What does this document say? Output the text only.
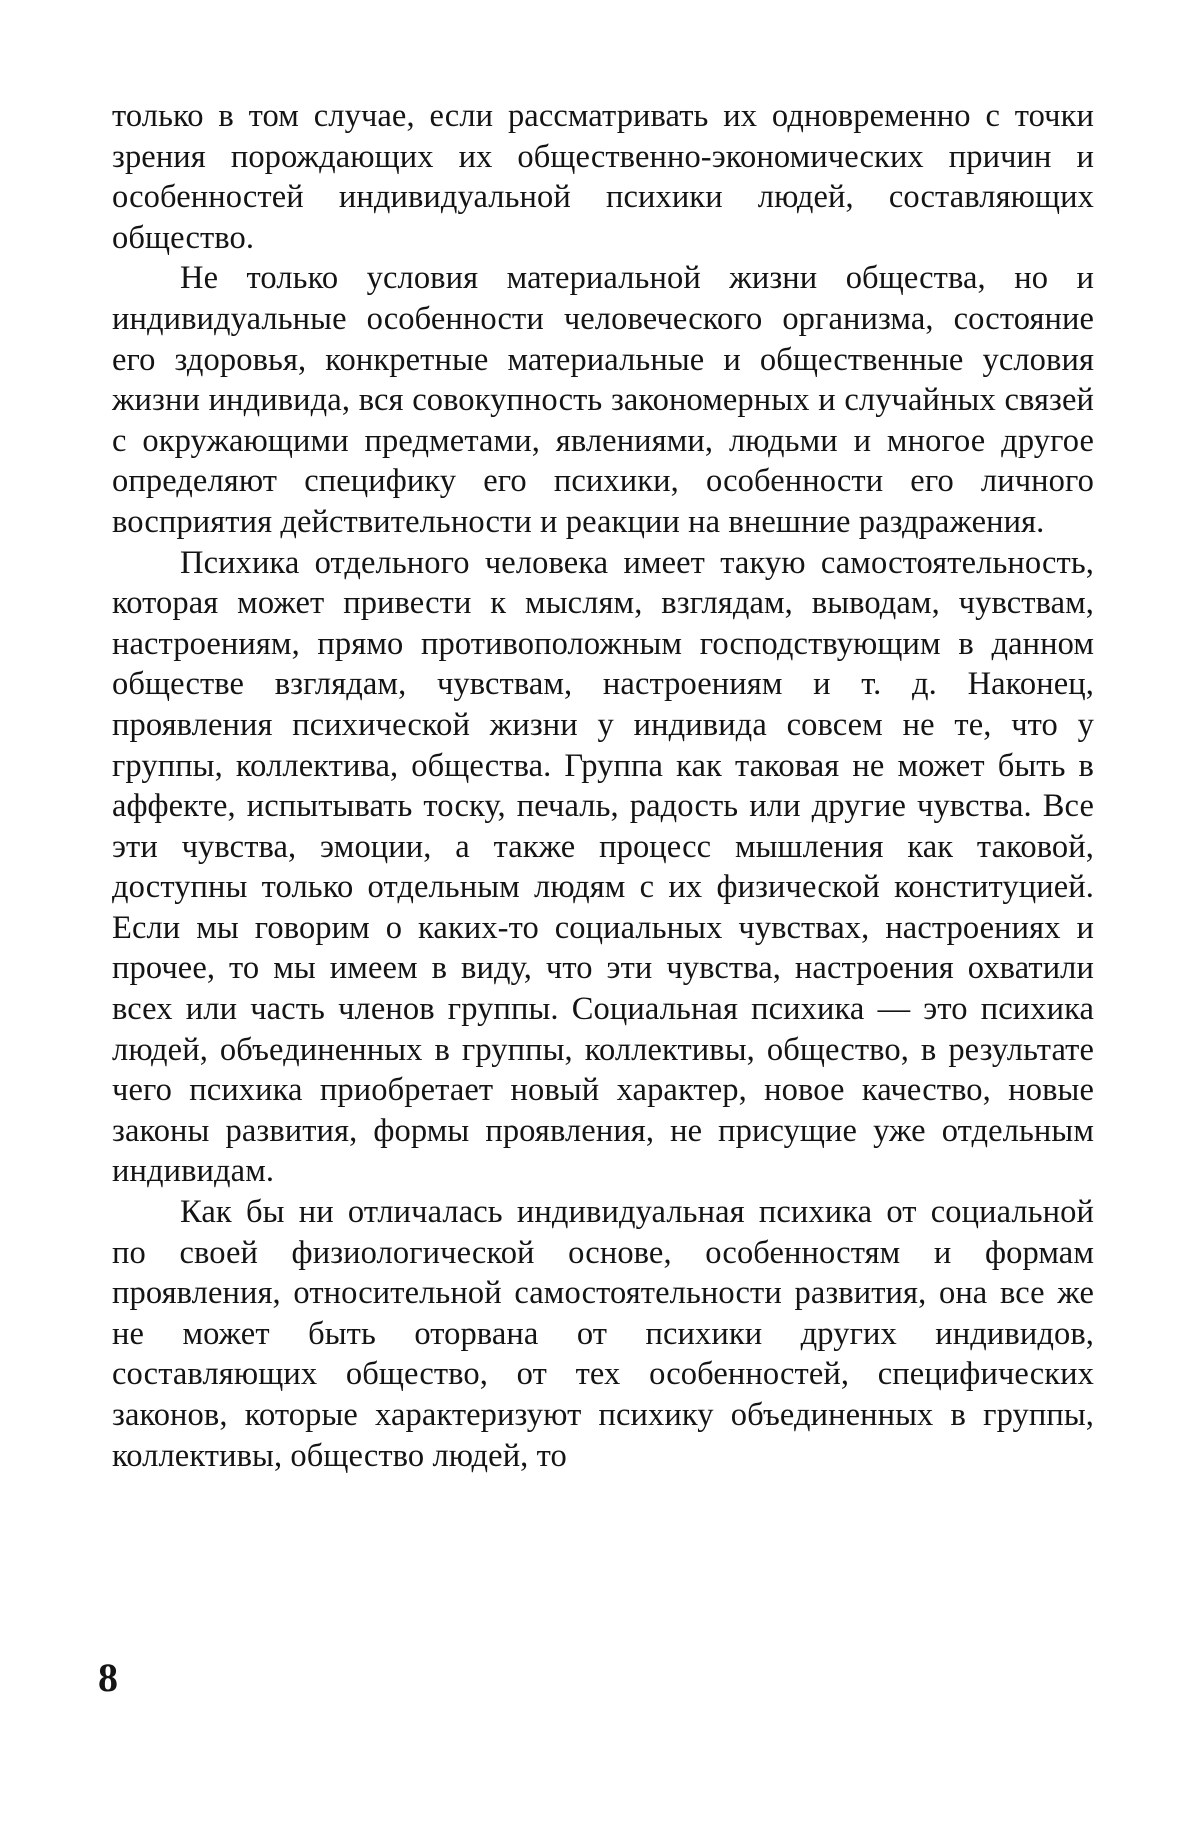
только в том случае, если рассматривать их одновременно с точки зрения порождающих их общественно-экономических причин и особенностей индивидуальной психики людей, составляющих общество.

Не только условия материальной жизни общества, но и индивидуальные особенности человеческого организма, состояние его здоровья, конкретные материальные и общественные условия жизни индивида, вся совокупность закономерных и случайных связей с окружающими предметами, явлениями, людьми и многое другое определяют специфику его психики, особенности его личного восприятия действительности и реакции на внешние раздражения.

Психика отдельного человека имеет такую самостоятельность, которая может привести к мыслям, взглядам, выводам, чувствам, настроениям, прямо противоположным господствующим в данном обществе взглядам, чувствам, настроениям и т. д. Наконец, проявления психической жизни у индивида совсем не те, что у группы, коллектива, общества. Группа как таковая не может быть в аффекте, испытывать тоску, печаль, радость или другие чувства. Все эти чувства, эмоции, а также процесс мышления как таковой, доступны только отдельным людям с их физической конституцией. Если мы говорим о каких-то социальных чувствах, настроениях и прочее, то мы имеем в виду, что эти чувства, настроения охватили всех или часть членов группы. Социальная психика — это психика людей, объединенных в группы, коллективы, общество, в результате чего психика приобретает новый характер, новое качество, новые законы развития, формы проявления, не присущие уже отдельным индивидам.

Как бы ни отличалась индивидуальная психика от социальной по своей физиологической основе, особенностям и формам проявления, относительной самостоятельности развития, она все же не может быть оторвана от психики других индивидов, составляющих общество, от тех особенностей, специфических законов, которые характеризуют психику объединенных в группы, коллективы, общество людей, то

8
